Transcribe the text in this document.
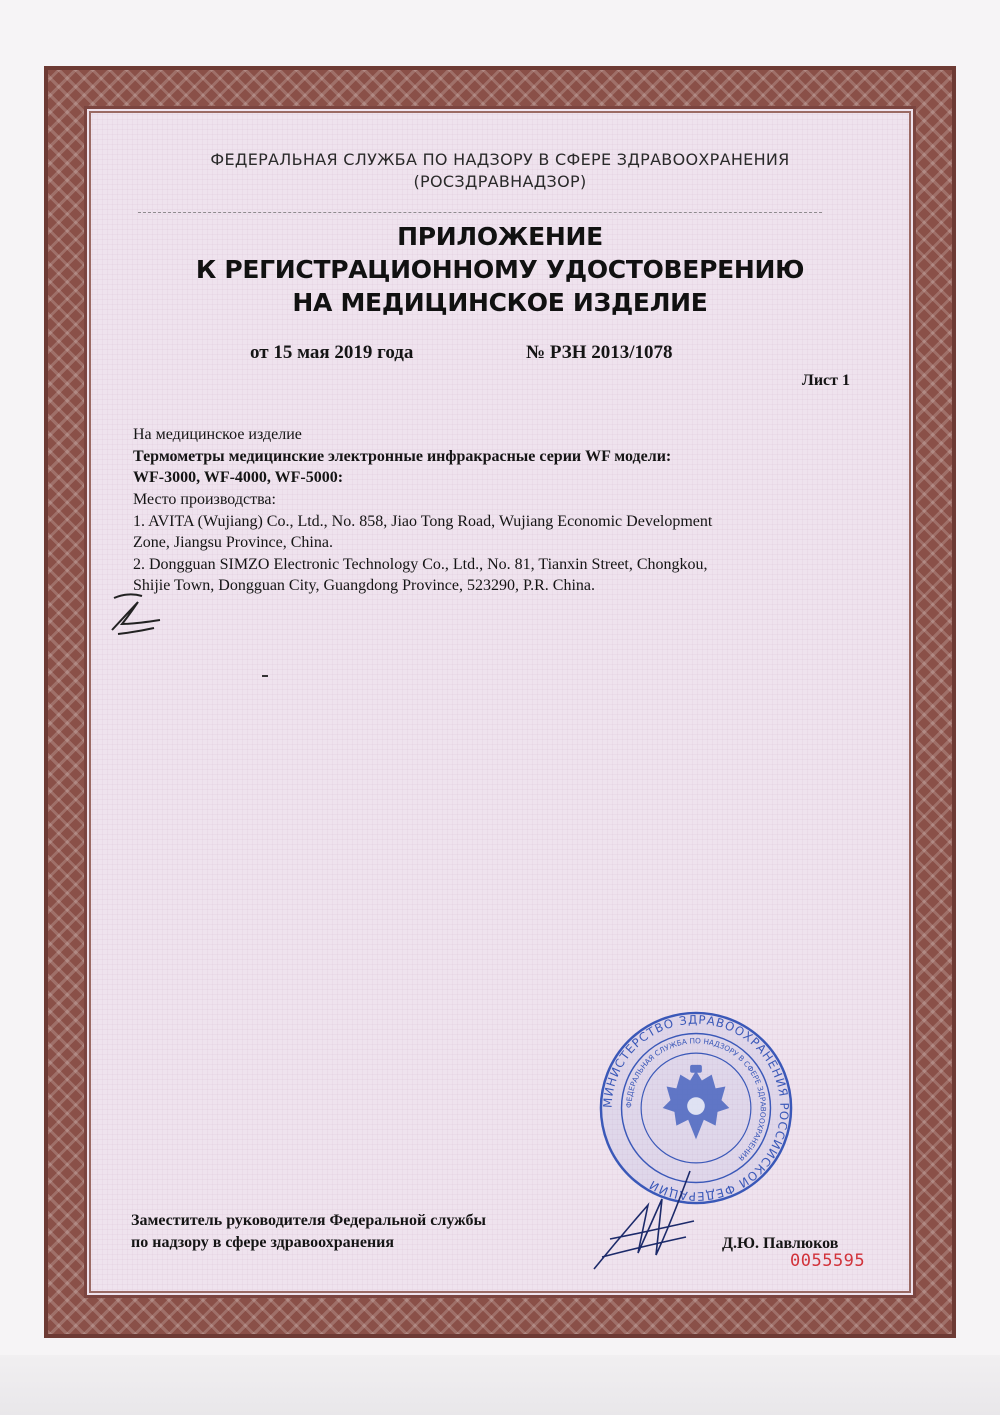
ФЕДЕРАЛЬНАЯ СЛУЖБА ПО НАДЗОРУ В СФЕРЕ ЗДРАВООХРАНЕНИЯ
(РОСЗДРАВНАДЗОР)
ПРИЛОЖЕНИЕ
К РЕГИСТРАЦИОННОМУ УДОСТОВЕРЕНИЮ
НА МЕДИЦИНСКОЕ ИЗДЕЛИЕ
от 15 мая 2019 года	№ РЗН 2013/1078
Лист 1
На медицинское изделие
Термометры медицинские электронные инфракрасные серии WF модели:
WF-3000, WF-4000, WF-5000:
Место производства:
1. AVITA (Wujiang) Co., Ltd., No. 858, Jiao Tong Road, Wujiang Economic Development
Zone, Jiangsu Province, China.
2. Dongguan SIMZO Electronic Technology Co., Ltd., No. 81, Tianxin Street, Chongkou,
Shijie Town, Dongguan City, Guangdong Province, 523290, P.R. China.
МИНИСТЕРСТВО ЗДРАВООХРАНЕНИЯ РОССИЙСКОЙ ФЕДЕРАЦИИ
ФЕДЕРАЛЬНАЯ СЛУЖБА ПО НАДЗОРУ В СФЕРЕ ЗДРАВООХРАНЕНИЯ
Заместитель руководителя Федеральной службы
по надзору в сфере здравоохранения	Д.Ю. Павлюков
0055595
